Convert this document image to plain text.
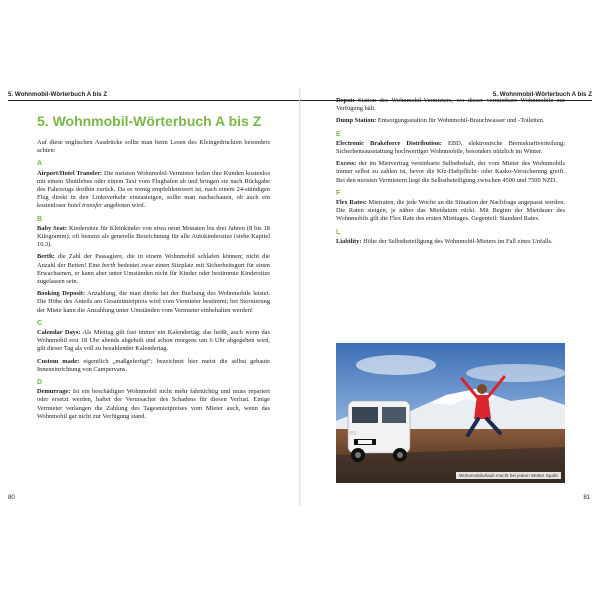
5. Wohnmobil-Wörterbuch A bis Z
5. Wohnmobil-Wörterbuch A bis Z

Auf diese englischen Ausdrücke sollte man beim Lesen des Kleingedruckten besonders achten:

A

Airport/Hotel Transfer: Die meisten Wohnmobil-Vermieter holen ihre Kunden kostenlos mit einem Shuttlebus oder einem Taxi vom Flughafen ab und bringen sie nach Rückgabe des Fahrzeugs dorthin zurück. Da es wenig empfehlenswert ist, nach einem 24-stündigen Flug direkt in den Linksverkehr einzusteigen, sollte man nachschauen, ob auch ein kostenloser hotel transfer angeboten wird.

B

Baby Seat: Kindersitze für Kleinkinder von etwa neun Monaten bis drei Jahren (8 bis 18 Kilogramm); oft benutzt als generelle Bezeichnung für alle Autokindersitze (siehe Kapitel 10.3).

Berth: die Zahl der Passagiere, die in einem Wohnmobil schlafen können; nicht die Anzahl der Betten! Eine berth bedeutet zwar einen Sitzplatz mit Sicherheitsgurt für einen Erwachsenen, er kann aber unter Umständen nicht für Kinder oder bestimmte Kindersitze zugelassen sein.

Booking Deposit: Anzahlung, die man direkt bei der Buchung des Wohnmobils leistet. Die Höhe des Anteils am Gesamtmietpreis wird vom Vermieter bestimmt; bei Stornierung der Miete kann die Anzahlung unter Umständen vom Vermieter einbehalten werden!

C

Calendar Days: Als Miettag gilt fast immer ein Kalendertag; das heißt, auch wenn das Wohnmobil erst 18 Uhr abends abgeholt und schon morgens um 6 Uhr abgegeben wird, gilt dieser Tag als voll zu bezahlender Kalendertag.

Custom made: eigentlich „maßgefertigt“; bezeichnet hier meist die selbst gebaute Inneneinrichtung von Campervans.

D

Demurrage: Ist ein beschädigter Wohnmobil nicht mehr fahrtüchtig und muss repariert oder ersetzt werden, haftet der Verursacher des Schadens für diesen Verlust. Einige Vermieter verlangen die Zahlung des Tagesmietpreises vom Mieter auch, wenn das Wohnmobil gar nicht zur Verfügung stand.

80
5. Wohnmobil-Wörterbuch A bis Z

Depot: Station des Wohnmobil-Vermieters, wo dieser vermietbare Wohnmobile zur Verfügung hält.

Dump Station: Entsorgungsstation für Wohnmobil-Brauchwasser und -Toiletten.

E

Electronic Brakeforce Distribution: EBD, elektronische Bremskraftverteilung; Sicherheitsausstattung hochwertiger Wohnmobile, besonders nützlich im Winter.

Excess: der im Mietvertrag vereinbarte Selbstbehalt, der vom Mieter des Wohnmobils immer selbst zu zahlen ist, bevor die Kfz-Haftpflicht- oder Kasko-Versicherung greift. Bei den meisten Vermietern liegt die Selbstbeteiligung zwischen 4500 und 7500 NZD.

F

Flex Rates: Mietraten, die jede Woche an die Situation der Nachfrage angepasst werden. Die Raten steigen, je näher das Mietdatum rückt. Mit Beginn der Mietdauer des Wohnmobils gilt die Flex Rate des ersten Miettages. Gegenteil: Standard Rates.

L

Liability: Höhe der Selbstbeteiligung des Wohnmobil-Mieters im Fall eines Unfalls.

Wohnmobilurlaub macht bei jedem Wetter Spaß!
81
